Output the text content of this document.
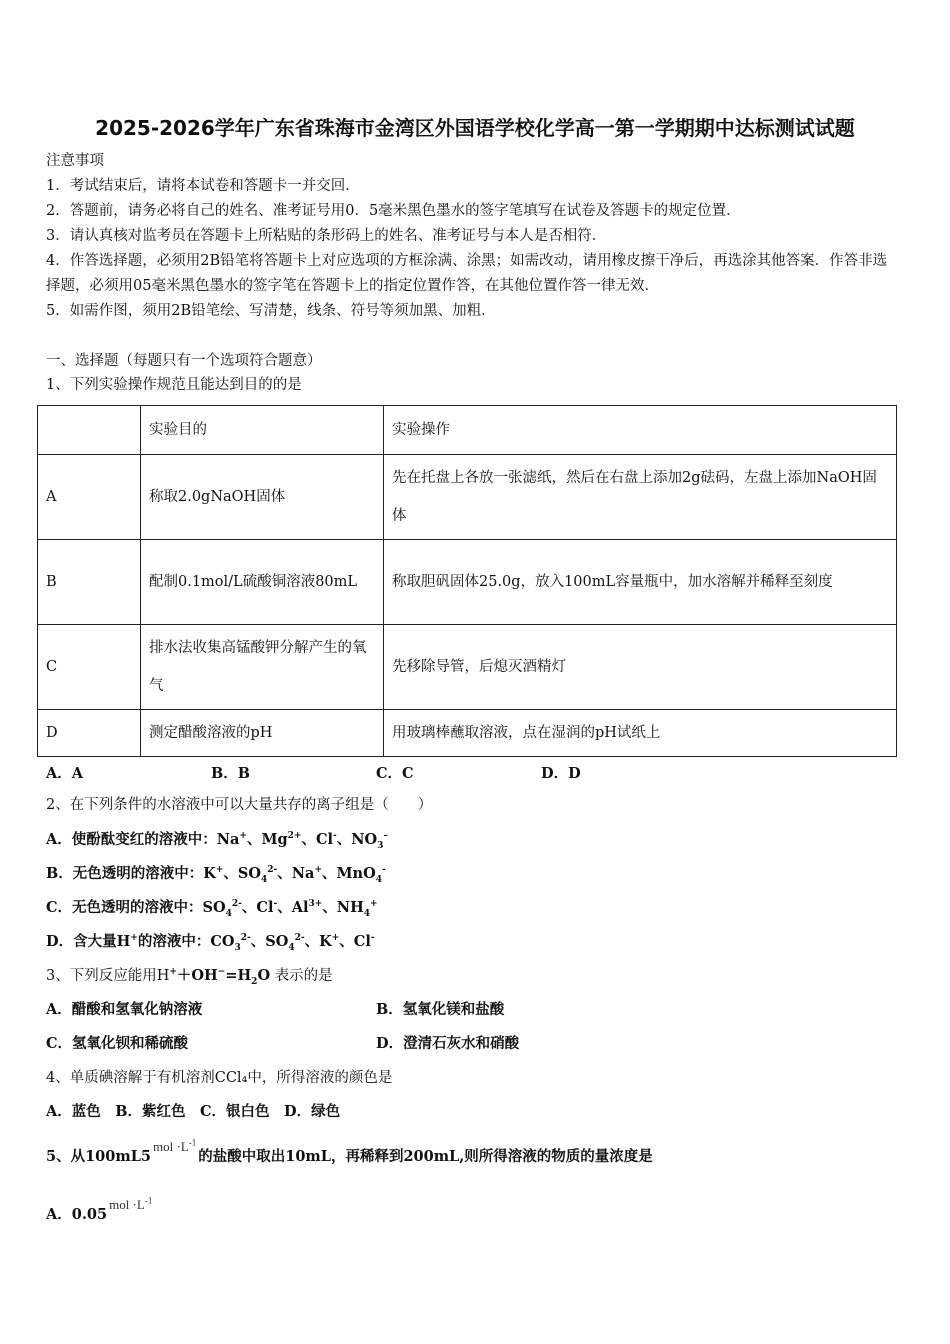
2025-2026学年广东省珠海市金湾区外国语学校化学高一第一学期期中达标测试试题
注意事项
1．考试结束后，请将本试卷和答题卡一并交回．
2．答题前，请务必将自己的姓名、准考证号用0．5毫米黑色墨水的签字笔填写在试卷及答题卡的规定位置．
3．请认真核对监考员在答题卡上所粘贴的条形码上的姓名、准考证号与本人是否相符．
4．作答选择题，必须用2B铅笔将答题卡上对应选项的方框涂满、涂黑；如需改动，请用橡皮擦干净后，再选涂其他答案．作答非选择题，必须用05毫米黑色墨水的签字笔在答题卡上的指定位置作答，在其他位置作答一律无效．
5．如需作图，须用2B铅笔绘、写清楚，线条、符号等须加黑、加粗．
一、选择题（每题只有一个选项符合题意）
1、下列实验操作规范且能达到目的的是
	实验目的	实验操作
A	称取2.0gNaOH固体	先在托盘上各放一张滤纸，然后在右盘上添加2g砝码，左盘上添加NaOH固体
B	配制0.1mol/L硫酸铜溶液80mL	称取胆矾固体25.0g，放入100mL容量瓶中，加水溶解并稀释至刻度
C	排水法收集高锰酸钾分解产生的氧气	先移除导管，后熄灭酒精灯
D	测定醋酸溶液的pH	用玻璃棒蘸取溶液，点在湿润的pH试纸上
A．A	B．B	C．C	D．D
2、在下列条件的水溶液中可以大量共存的离子组是（　　）
A．使酚酞变红的溶液中：Na+、$Mg^{2+}$、Cl-、$NO_3^-$
B．无色透明的溶液中：K+、$SO_4^{2-}$、Na+、MnO$_4$-
C．无色透明的溶液中：$SO_4^{2-}$、Cl-、$Al^{3+}$、$NH_4^+$
D．含大量H+的溶液中：$CO_3^{2-}$、$SO_4^{2-}$、K+、Cl-
3、下列反应能用$H^++OH^-=H_2O$ 表示的是
A．醋酸和氢氧化钠溶液	B．氢氧化镁和盐酸
C．氢氧化钡和稀硫酸	D．澄清石灰水和硝酸
4、单质碘溶解于有机溶剂CCl₄中，所得溶液的颜色是
A．蓝色　B．紫红色　C．银白色　D．绿色
5、从$100mL5mol \cdot L^{-1}$的盐酸中取出10mL，再稀释到200mL,则所得溶液的物质的量浓度是
A．$0.05mol \cdot L^{-1}$
